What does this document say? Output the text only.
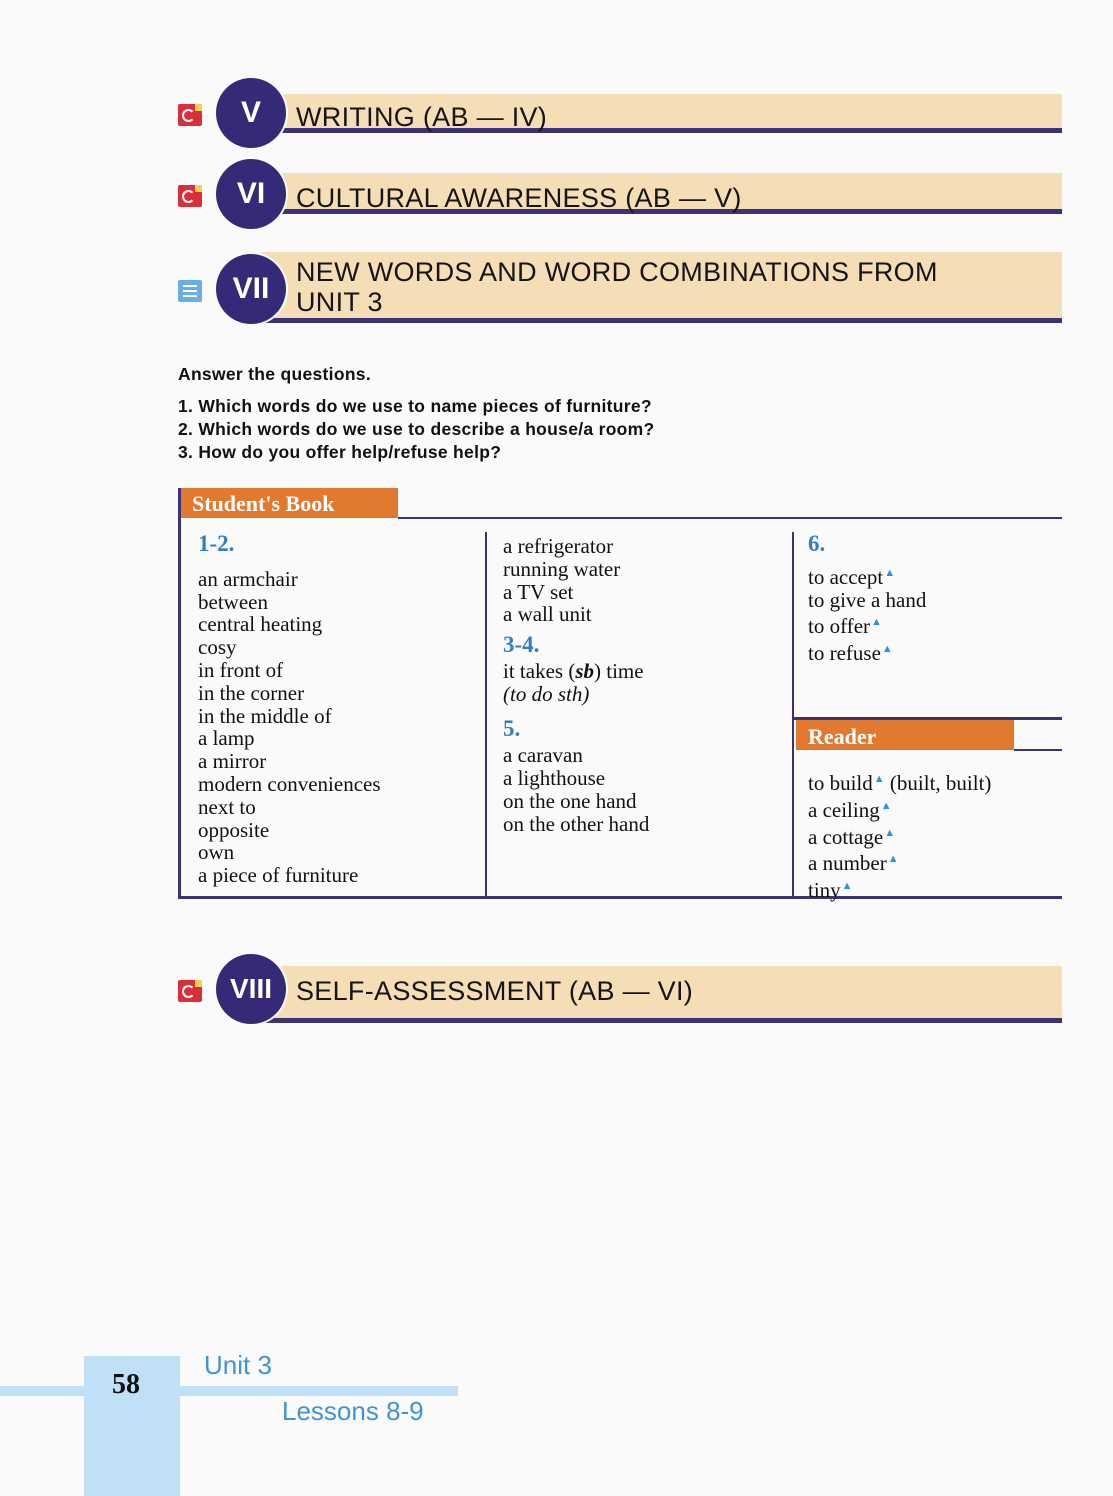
V	WRITING (AB — IV)
VI	CULTURAL AWARENESS (AB — V)
VII NEW WORDS AND WORD COMBINATIONS FROM
UNIT 3

Answer the questions.

1. Which words do we use to name pieces of furniture?
2. Which words do we use to describe a house/a room?
3. How do you offer help/refuse help?
Student's Book
1-2.
an armchair
between
central heating
cosy
in front of
in the corner
in the middle of
a lamp
a mirror
modern conveniences
next to
opposite
own
a piece of furniture
a refrigerator
running water
a TV set
a wall unit
3-4.
it takes (sb) time
(to do sth)
5.
a caravan
a lighthouse
on the one hand
on the other hand
6.
to accept▲
to give a hand
to offer▲
to refuse▲
Reader
to build▲ (built, built)
a ceiling▲
a cottage▲
a number▲
tiny▲
VIII SELF-ASSESSMENT (AB — VI)
58
Unit 3
Lessons 8-9
